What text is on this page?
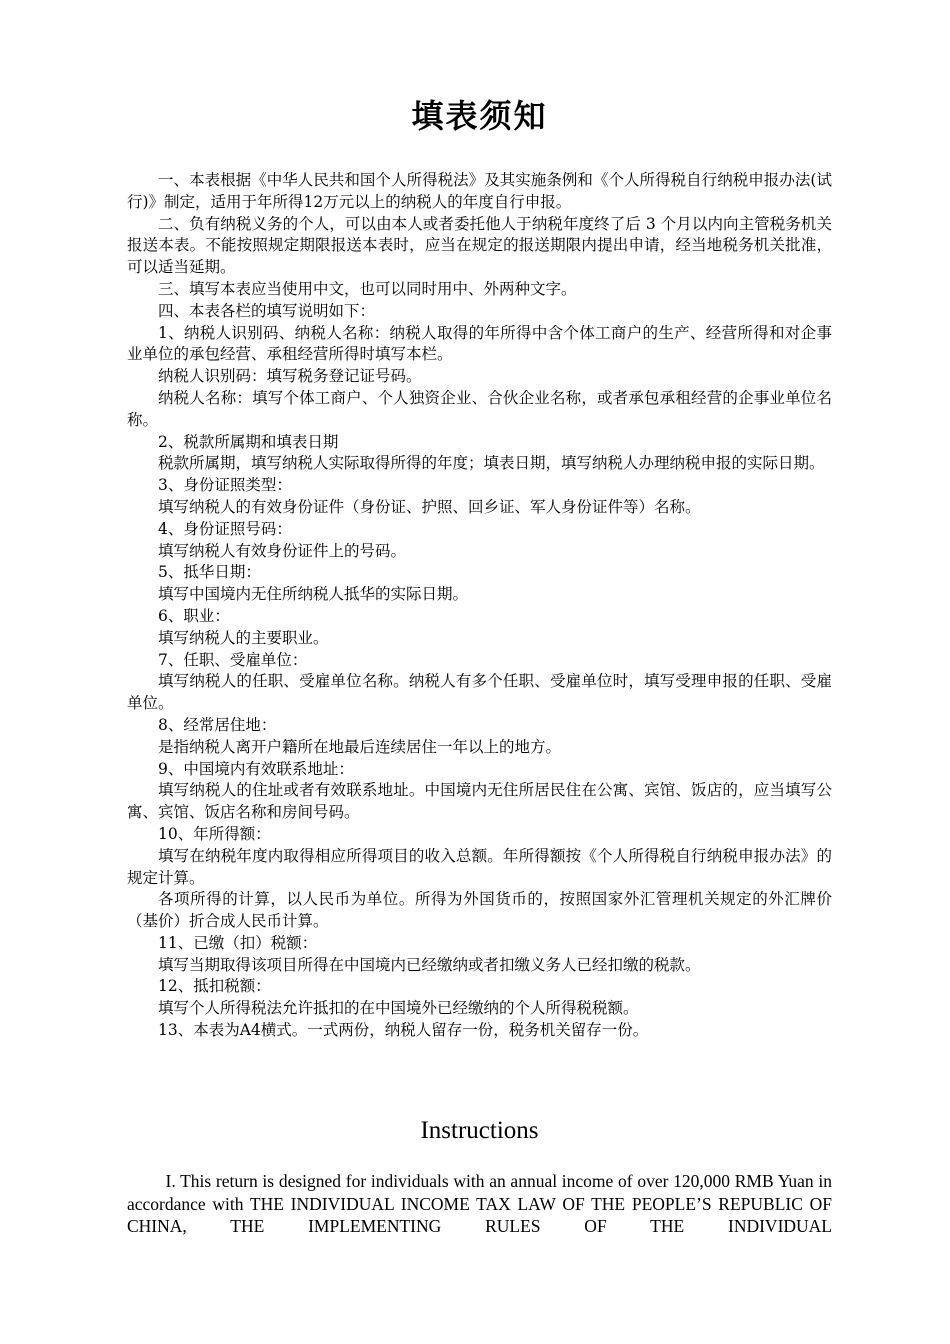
填表须知

一、本表根据《中华人民共和国个人所得税法》及其实施条例和《个人所得税自行纳税申报办法(试行)》制定，适用于年所得12万元以上的纳税人的年度自行申报。

二、负有纳税义务的个人，可以由本人或者委托他人于纳税年度终了后 3 个月以内向主管税务机关报送本表。不能按照规定期限报送本表时，应当在规定的报送期限内提出申请，经当地税务机关批准，可以适当延期。

三、填写本表应当使用中文，也可以同时用中、外两种文字。

四、本表各栏的填写说明如下：

1、纳税人识别码、纳税人名称：纳税人取得的年所得中含个体工商户的生产、经营所得和对企事业单位的承包经营、承租经营所得时填写本栏。

纳税人识别码：填写税务登记证号码。

纳税人名称：填写个体工商户、个人独资企业、合伙企业名称，或者承包承租经营的企事业单位名称。

2、税款所属期和填表日期

税款所属期，填写纳税人实际取得所得的年度；填表日期，填写纳税人办理纳税申报的实际日期。

3、身份证照类型：

填写纳税人的有效身份证件（身份证、护照、回乡证、军人身份证件等）名称。

4、身份证照号码：

填写纳税人有效身份证件上的号码。

5、抵华日期：

填写中国境内无住所纳税人抵华的实际日期。

6、职业：

填写纳税人的主要职业。

7、任职、受雇单位：

填写纳税人的任职、受雇单位名称。纳税人有多个任职、受雇单位时，填写受理申报的任职、受雇单位。

8、经常居住地：

是指纳税人离开户籍所在地最后连续居住一年以上的地方。

9、中国境内有效联系地址：

填写纳税人的住址或者有效联系地址。中国境内无住所居民住在公寓、宾馆、饭店的，应当填写公寓、宾馆、饭店名称和房间号码。

10、年所得额：

填写在纳税年度内取得相应所得项目的收入总额。年所得额按《个人所得税自行纳税申报办法》的规定计算。

各项所得的计算，以人民币为单位。所得为外国货币的，按照国家外汇管理机关规定的外汇牌价（基价）折合成人民币计算。

11、已缴（扣）税额：

填写当期取得该项目所得在中国境内已经缴纳或者扣缴义务人已经扣缴的税款。

12、抵扣税额：

填写个人所得税法允许抵扣的在中国境外已经缴纳的个人所得税税额。

13、本表为A4横式。一式两份，纳税人留存一份，税务机关留存一份。

Instructions

I. This return is designed for individuals with an annual income of over 120,000 RMB Yuan in accordance with THE INDIVIDUAL INCOME TAX LAW OF THE PEOPLE’S REPUBLIC OF CHINA, THE IMPLEMENTING RULES OF THE INDIVIDUAL
